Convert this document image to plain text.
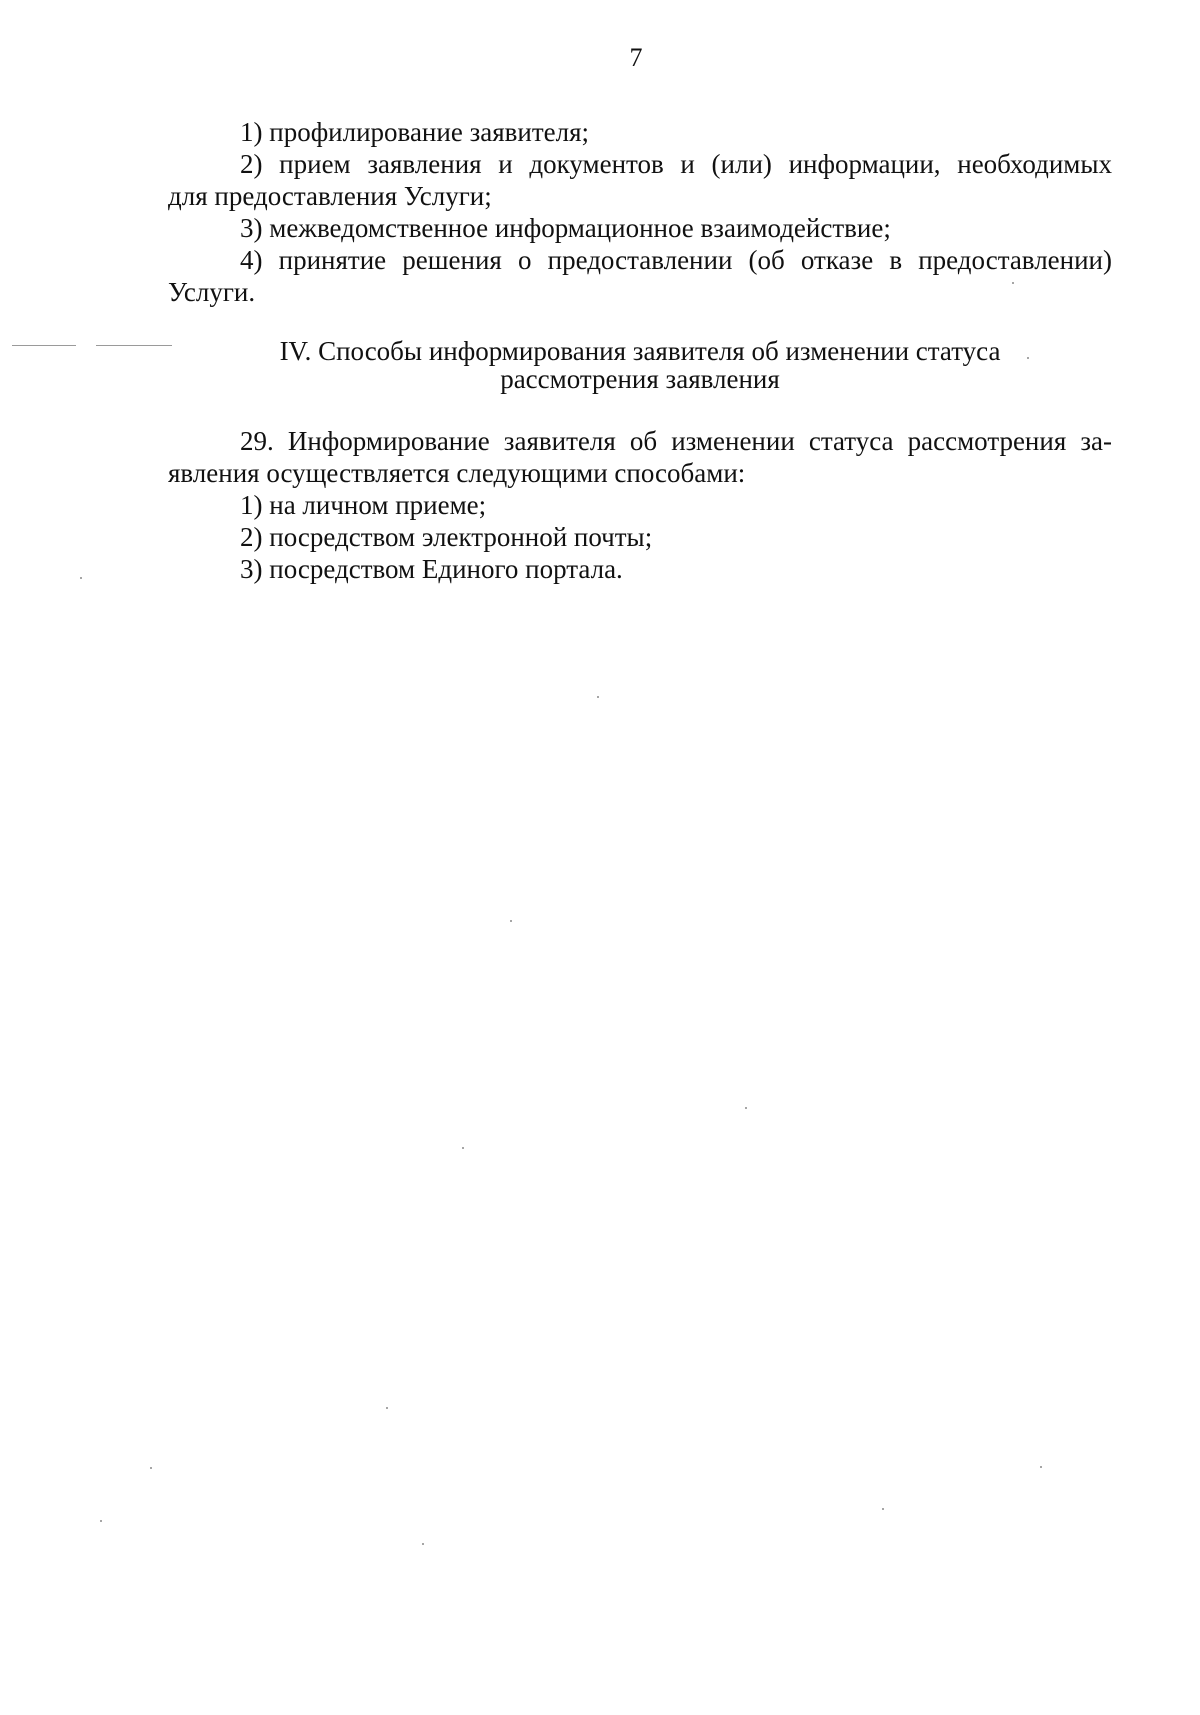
7
1) профилирование заявителя;
2) прием заявления и документов и (или) информации, необходимых
для предоставления Услуги;
3) межведомственное информационное взаимодействие;
4) принятие решения о предоставлении (об отказе в предоставлении)
Услуги.
IV. Способы информирования заявителя об изменении статуса
рассмотрения заявления
29. Информирование заявителя об изменении статуса рассмотрения за-
явления осуществляется следующими способами:
1) на личном приеме;
2) посредством электронной почты;
3) посредством Единого портала.
